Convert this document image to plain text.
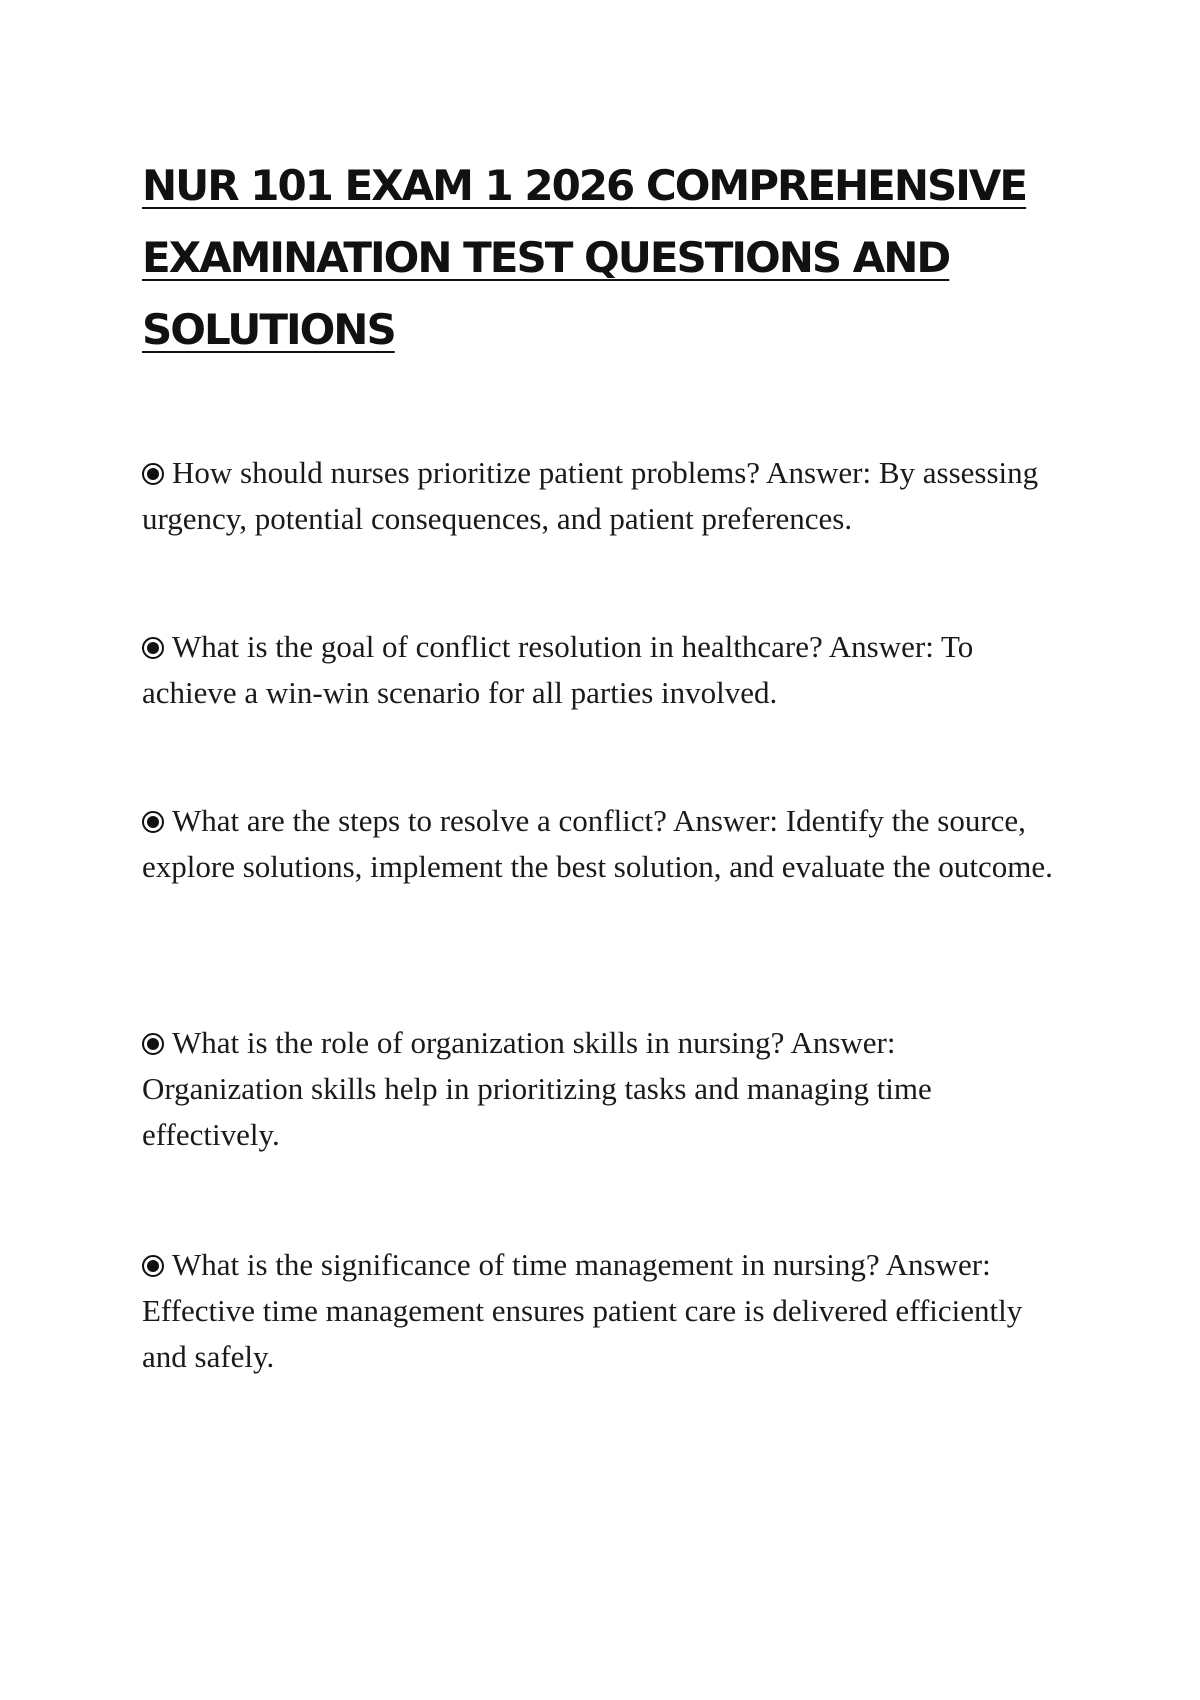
NUR 101 EXAM 1 2026 COMPREHENSIVE EXAMINATION TEST QUESTIONS AND SOLUTIONS
How should nurses prioritize patient problems? Answer: By assessing urgency, potential consequences, and patient preferences.
What is the goal of conflict resolution in healthcare? Answer: To achieve a win-win scenario for all parties involved.
What are the steps to resolve a conflict? Answer: Identify the source, explore solutions, implement the best solution, and evaluate the outcome.
What is the role of organization skills in nursing? Answer: Organization skills help in prioritizing tasks and managing time effectively.
What is the significance of time management in nursing? Answer: Effective time management ensures patient care is delivered efficiently and safely.
